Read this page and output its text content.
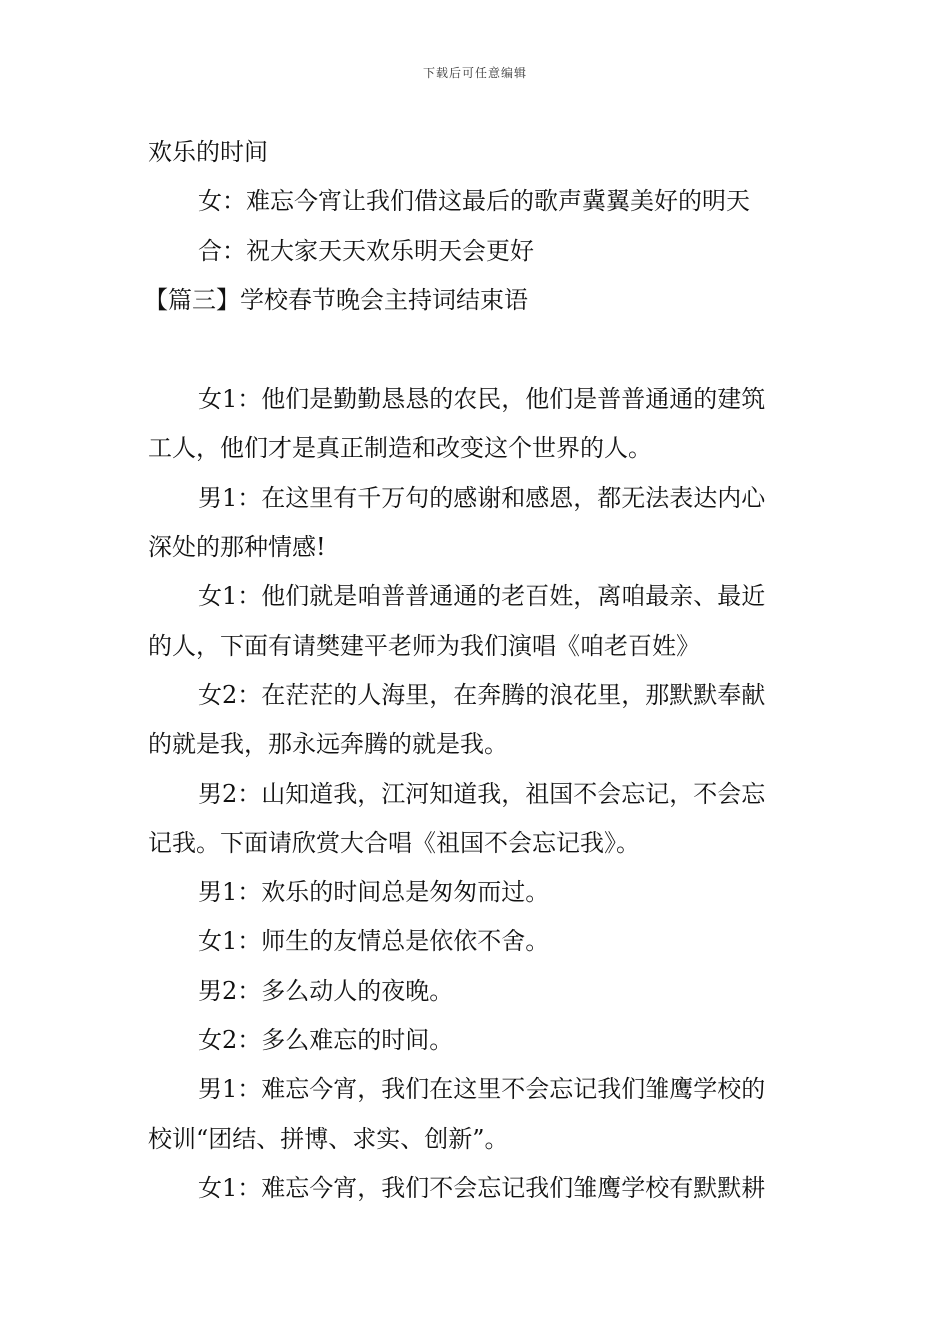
下载后可任意编辑
欢乐的时间
女：难忘今宵让我们借这最后的歌声冀翼美好的明天
合：祝大家天天欢乐明天会更好
【篇三】学校春节晚会主持词结束语
女1：他们是勤勤恳恳的农民，他们是普普通通的建筑
工人，他们才是真正制造和改变这个世界的人。
男1：在这里有千万句的感谢和感恩，都无法表达内心
深处的那种情感!
女1：他们就是咱普普通通的老百姓，离咱最亲、最近
的人，下面有请樊建平老师为我们演唱《咱老百姓》
女2：在茫茫的人海里，在奔腾的浪花里，那默默奉献
的就是我，那永远奔腾的就是我。
男2：山知道我，江河知道我，祖国不会忘记，不会忘
记我。下面请欣赏大合唱《祖国不会忘记我》。
男1：欢乐的时间总是匆匆而过。
女1：师生的友情总是依依不舍。
男2：多么动人的夜晚。
女2：多么难忘的时间。
男1：难忘今宵，我们在这里不会忘记我们雏鹰学校的
校训“团结、拼博、求实、创新”。
女1：难忘今宵，我们不会忘记我们雏鹰学校有默默耕
